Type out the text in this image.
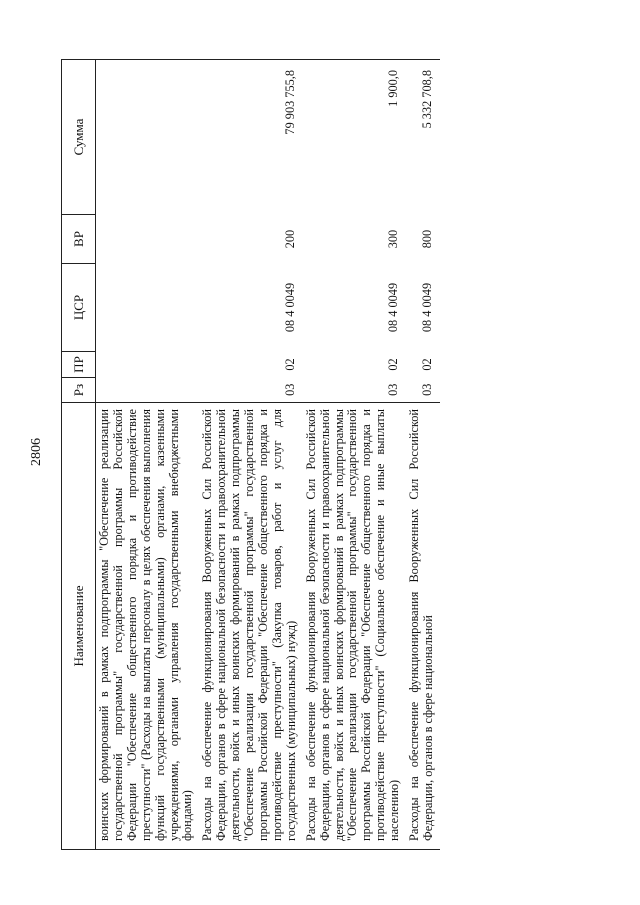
2806
Наименование	Рз	ПР	ЦСР	ВР	Сумма
воинских формирований в рамках подпрограммы "Обеспечение реализации государственной программы" государственной программы Российской Федерации "Обеспечение общественного порядка и противодействие преступности" (Расходы на выплаты персоналу в целях обеспечения выполнения функций государственными (муниципальными) органами, казенными учреждениями, органами управления государственными внебюджетными фондами)					
Расходы на обеспечение функционирования Вооруженных Сил Российской Федерации, органов в сфере национальной безопасности и правоохранительной деятельности, войск и иных воинских формирований в рамках подпрограммы "Обеспечение реализации государственной программы" государственной программы Российской Федерации "Обеспечение общественного порядка и противодействие преступности" (Закупка товаров, работ и услуг для государственных (муниципальных) нужд)	03	02	08 4 0049	200	79 903 755,8
Расходы на обеспечение функционирования Вооруженных Сил Российской Федерации, органов в сфере национальной безопасности и правоохранительной деятельности, войск и иных воинских формирований в рамках подпрограммы "Обеспечение реализации государственной программы" государственной программы Российской Федерации "Обеспечение общественного порядка и противодействие преступности" (Социальное обеспечение и иные выплаты населению)	03	02	08 4 0049	300	1 900,0
Расходы на обеспечение функционирования Вооруженных Сил Российской Федерации, органов в сфере национальной	03	02	08 4 0049	800	5 332 708,8
